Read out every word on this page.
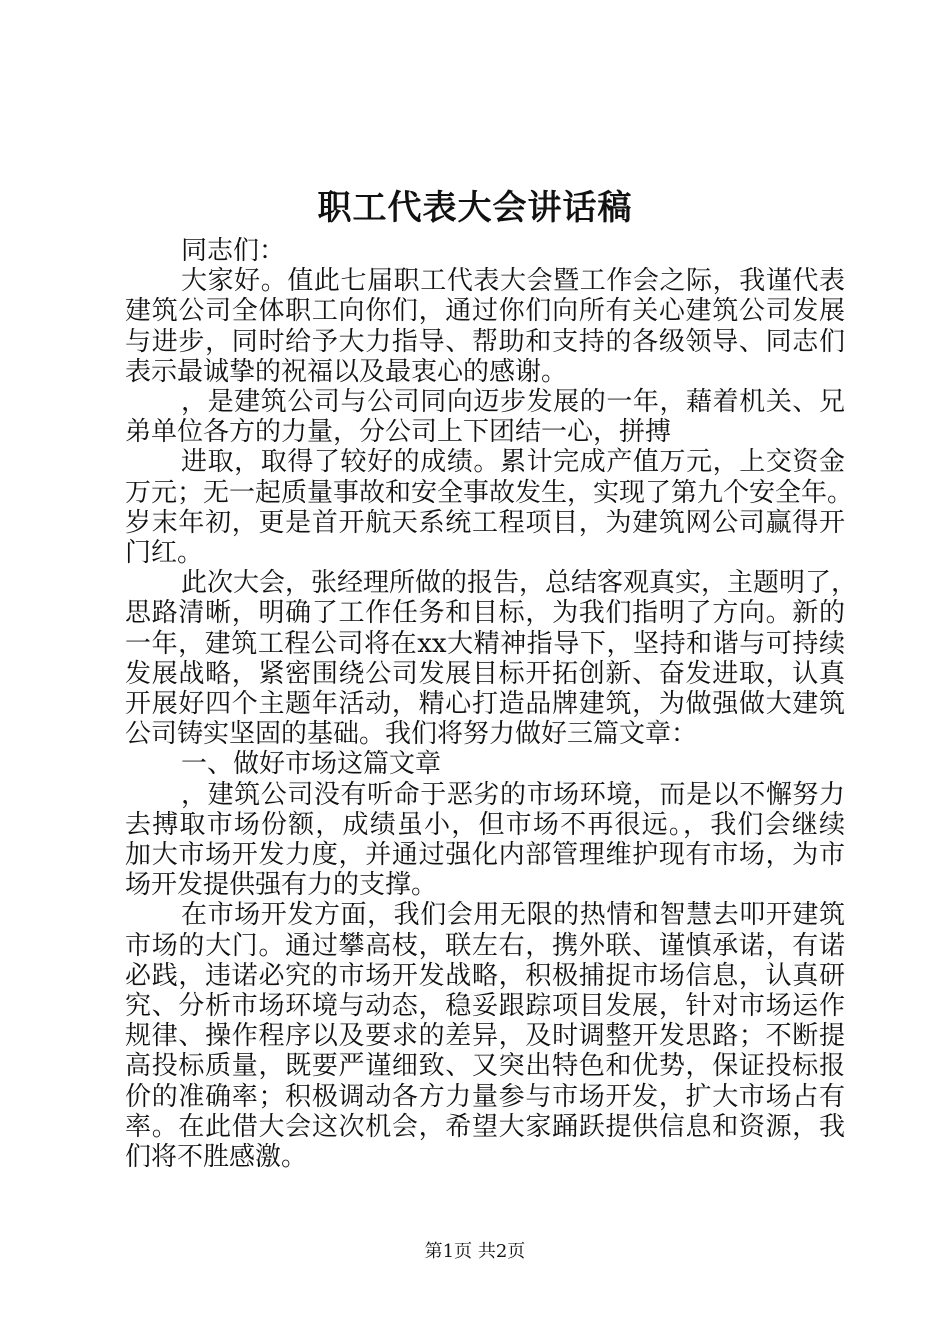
职工代表大会讲话稿
同志们：
大家好。值此七届职工代表大会暨工作会之际，我谨代表
建筑公司全体职工向你们，通过你们向所有关心建筑公司发展
与进步，同时给予大力指导、帮助和支持的各级领导、同志们
表示最诚挚的祝福以及最衷心的感谢。
，是建筑公司与公司同向迈步发展的一年，藉着机关、兄
弟单位各方的力量，分公司上下团结一心，拼搏
进取，取得了较好的成绩。累计完成产值万元，上交资金
万元；无一起质量事故和安全事故发生，实现了第九个安全年。
岁末年初，更是首开航天系统工程项目，为建筑网公司赢得开
门红。
此次大会，张经理所做的报告，总结客观真实，主题明了，
思路清晰，明确了工作任务和目标，为我们指明了方向。新的
一年，建筑工程公司将在xx大精神指导下，坚持和谐与可持续
发展战略，紧密围绕公司发展目标开拓创新、奋发进取，认真
开展好四个主题年活动，精心打造品牌建筑，为做强做大建筑
公司铸实坚固的基础。我们将努力做好三篇文章：
一、做好市场这篇文章
，建筑公司没有听命于恶劣的市场环境，而是以不懈努力
去搏取市场份额，成绩虽小，但市场不再很远。，我们会继续
加大市场开发力度，并通过强化内部管理维护现有市场，为市
场开发提供强有力的支撑。
在市场开发方面，我们会用无限的热情和智慧去叩开建筑
市场的大门。通过攀高枝，联左右，携外联、谨慎承诺，有诺
必践，违诺必究的市场开发战略，积极捕捉市场信息，认真研
究、分析市场环境与动态，稳妥跟踪项目发展，针对市场运作
规律、操作程序以及要求的差异，及时调整开发思路；不断提
高投标质量，既要严谨细致、又突出特色和优势，保证投标报
价的准确率；积极调动各方力量参与市场开发，扩大市场占有
率。在此借大会这次机会，希望大家踊跃提供信息和资源，我
们将不胜感激。
第1页 共2页
